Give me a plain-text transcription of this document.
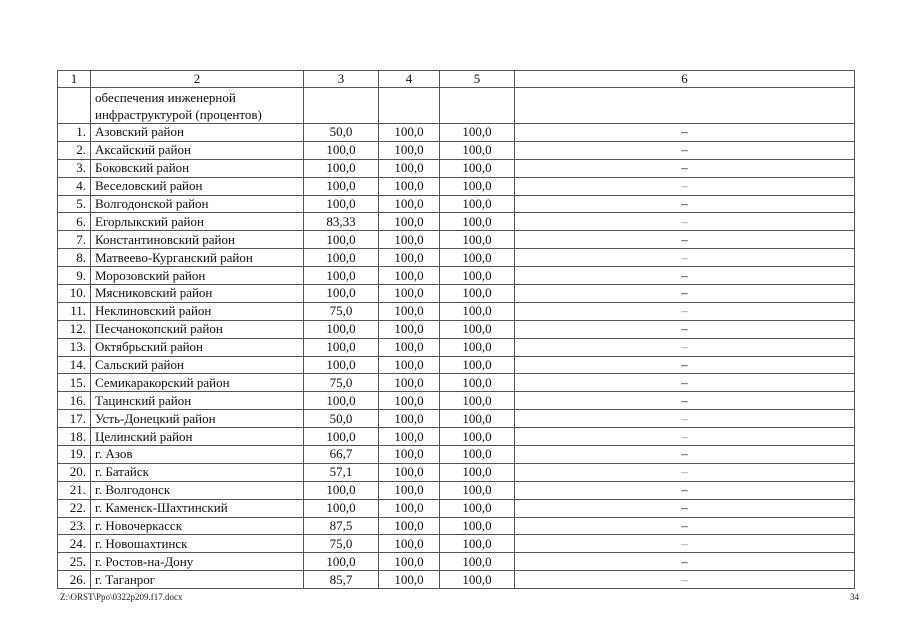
1	2	3	4	5	6

	обеспечения инженерной
инфраструктурой (процентов)				

1.	Азовский район	50,0	100,0	100,0	–
2.	Аксайский район	100,0	100,0	100,0	–
3.	Боковский район	100,0	100,0	100,0	–
4.	Веселовский район	100,0	100,0	100,0	–
5.	Волгодонской район	100,0	100,0	100,0	–
6.	Егорлыкский район	83,33	100,0	100,0	–
7.	Константиновский район	100,0	100,0	100,0	–
8.	Матвеево-Курганский район	100,0	100,0	100,0	–
9.	Морозовский район	100,0	100,0	100,0	–
10.	Мясниковский район	100,0	100,0	100,0	–
11.	Неклиновский район	75,0	100,0	100,0	–
12.	Песчанокопский район	100,0	100,0	100,0	–
13.	Октябрьский район	100,0	100,0	100,0	–
14.	Сальский район	100,0	100,0	100,0	–
15.	Семикаракорский район	75,0	100,0	100,0	–
16.	Тацинский район	100,0	100,0	100,0	–
17.	Усть-Донецкий район	50,0	100,0	100,0	–
18.	Целинский район	100,0	100,0	100,0	–
19.	г. Азов	66,7	100,0	100,0	–
20.	г. Батайск	57,1	100,0	100,0	–
21.	г. Волгодонск	100,0	100,0	100,0	–
22.	г. Каменск-Шахтинский	100,0	100,0	100,0	–
23.	г. Новочеркасск	87,5	100,0	100,0	–
24.	г. Новошахтинск	75,0	100,0	100,0	–
25.	г. Ростов-на-Дону	100,0	100,0	100,0	–
26.	г. Таганрог	85,7	100,0	100,0	–
Z:\ORST\Ppo\0322p209.f17.docx	34
